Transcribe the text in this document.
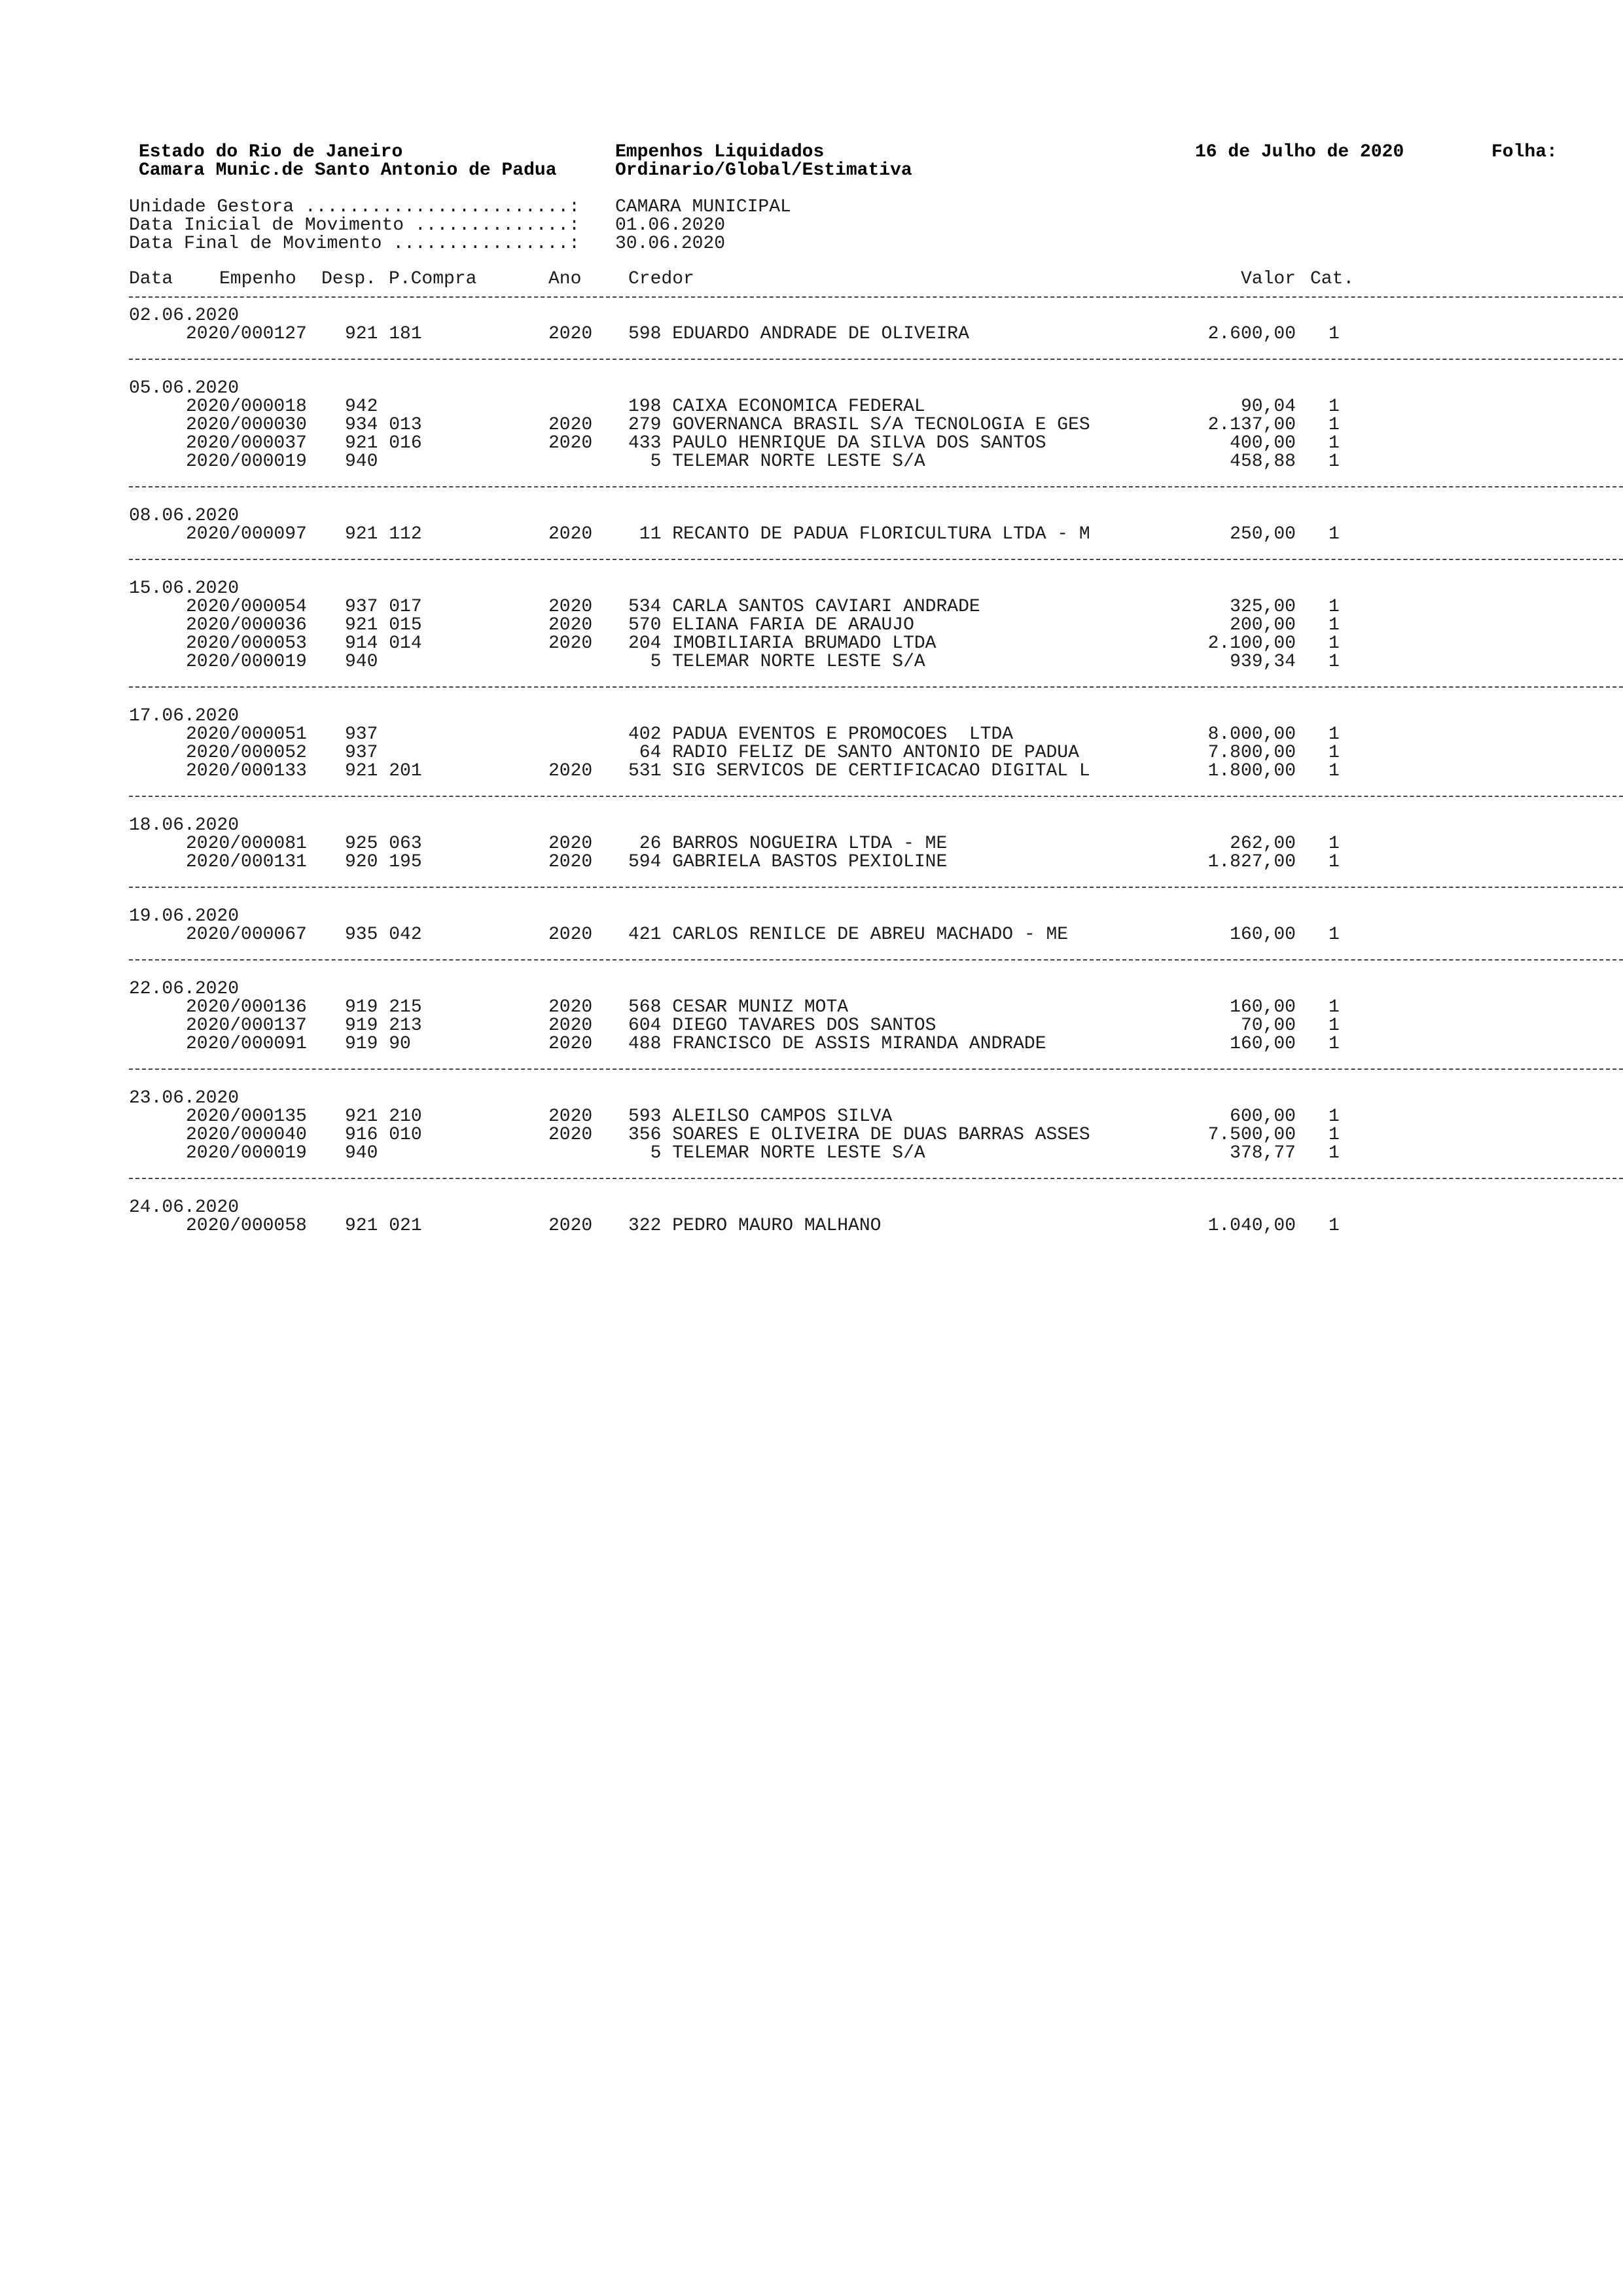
Estado do Rio de Janeiro
Camara Munic.de Santo Antonio de Padua
Empenhos Liquidados
Ordinario/Global/Estimativa
16 de Julho de 2020	Folha:
Unidade Gestora ........................: CAMARA MUNICIPAL
Data Inicial de Movimento ..............: 01.06.2020
Data Final de Movimento ................: 30.06.2020
Data	Empenho Desp. P.Compra	Ano	Credor	Valor Cat.
02.06.2020
2020/000127 921 181	2020 598 EDUARDO ANDRADE DE OLIVEIRA	2.600,00 1
05.06.2020
2020/000018 942	198 CAIXA ECONOMICA FEDERAL	90,04 1
2020/000030 934 013	2020 279 GOVERNANCA BRASIL S/A TECNOLOGIA E GES	2.137,00 1
2020/000037 921 016	2020 433 PAULO HENRIQUE DA SILVA DOS SANTOS	400,00 1
2020/000019 940	5 TELEMAR NORTE LESTE S/A	458,88 1
08.06.2020
2020/000097 921 112	2020 11 RECANTO DE PADUA FLORICULTURA LTDA - M	250,00 1
15.06.2020
2020/000054 937 017	2020 534 CARLA SANTOS CAVIARI ANDRADE	325,00 1
2020/000036 921 015	2020 570 ELIANA FARIA DE ARAUJO	200,00 1
2020/000053 914 014	2020 204 IMOBILIARIA BRUMADO LTDA	2.100,00 1
2020/000019 940	5 TELEMAR NORTE LESTE S/A	939,34 1
17.06.2020
2020/000051 937	402 PADUA EVENTOS E PROMOCOES  LTDA	8.000,00 1
2020/000052 937	64 RADIO FELIZ DE SANTO ANTONIO DE PADUA	7.800,00 1
2020/000133 921 201	2020 531 SIG SERVICOS DE CERTIFICACAO DIGITAL L	1.800,00 1
18.06.2020
2020/000081 925 063	2020 26 BARROS NOGUEIRA LTDA - ME	262,00 1
2020/000131 920 195	2020 594 GABRIELA BASTOS PEXIOLINE	1.827,00 1
19.06.2020
2020/000067 935 042	2020 421 CARLOS RENILCE DE ABREU MACHADO - ME	160,00 1
22.06.2020
2020/000136 919 215	2020 568 CESAR MUNIZ MOTA	160,00 1
2020/000137 919 213	2020 604 DIEGO TAVARES DOS SANTOS	70,00 1
2020/000091 919 90	2020 488 FRANCISCO DE ASSIS MIRANDA ANDRADE	160,00 1
23.06.2020
2020/000135 921 210	2020 593 ALEILSO CAMPOS SILVA	600,00 1
2020/000040 916 010	2020 356 SOARES E OLIVEIRA DE DUAS BARRAS ASSES	7.500,00 1
2020/000019 940	5 TELEMAR NORTE LESTE S/A	378,77 1
24.06.2020
2020/000058 921 021	2020 322 PEDRO MAURO MALHANO	1.040,00 1
